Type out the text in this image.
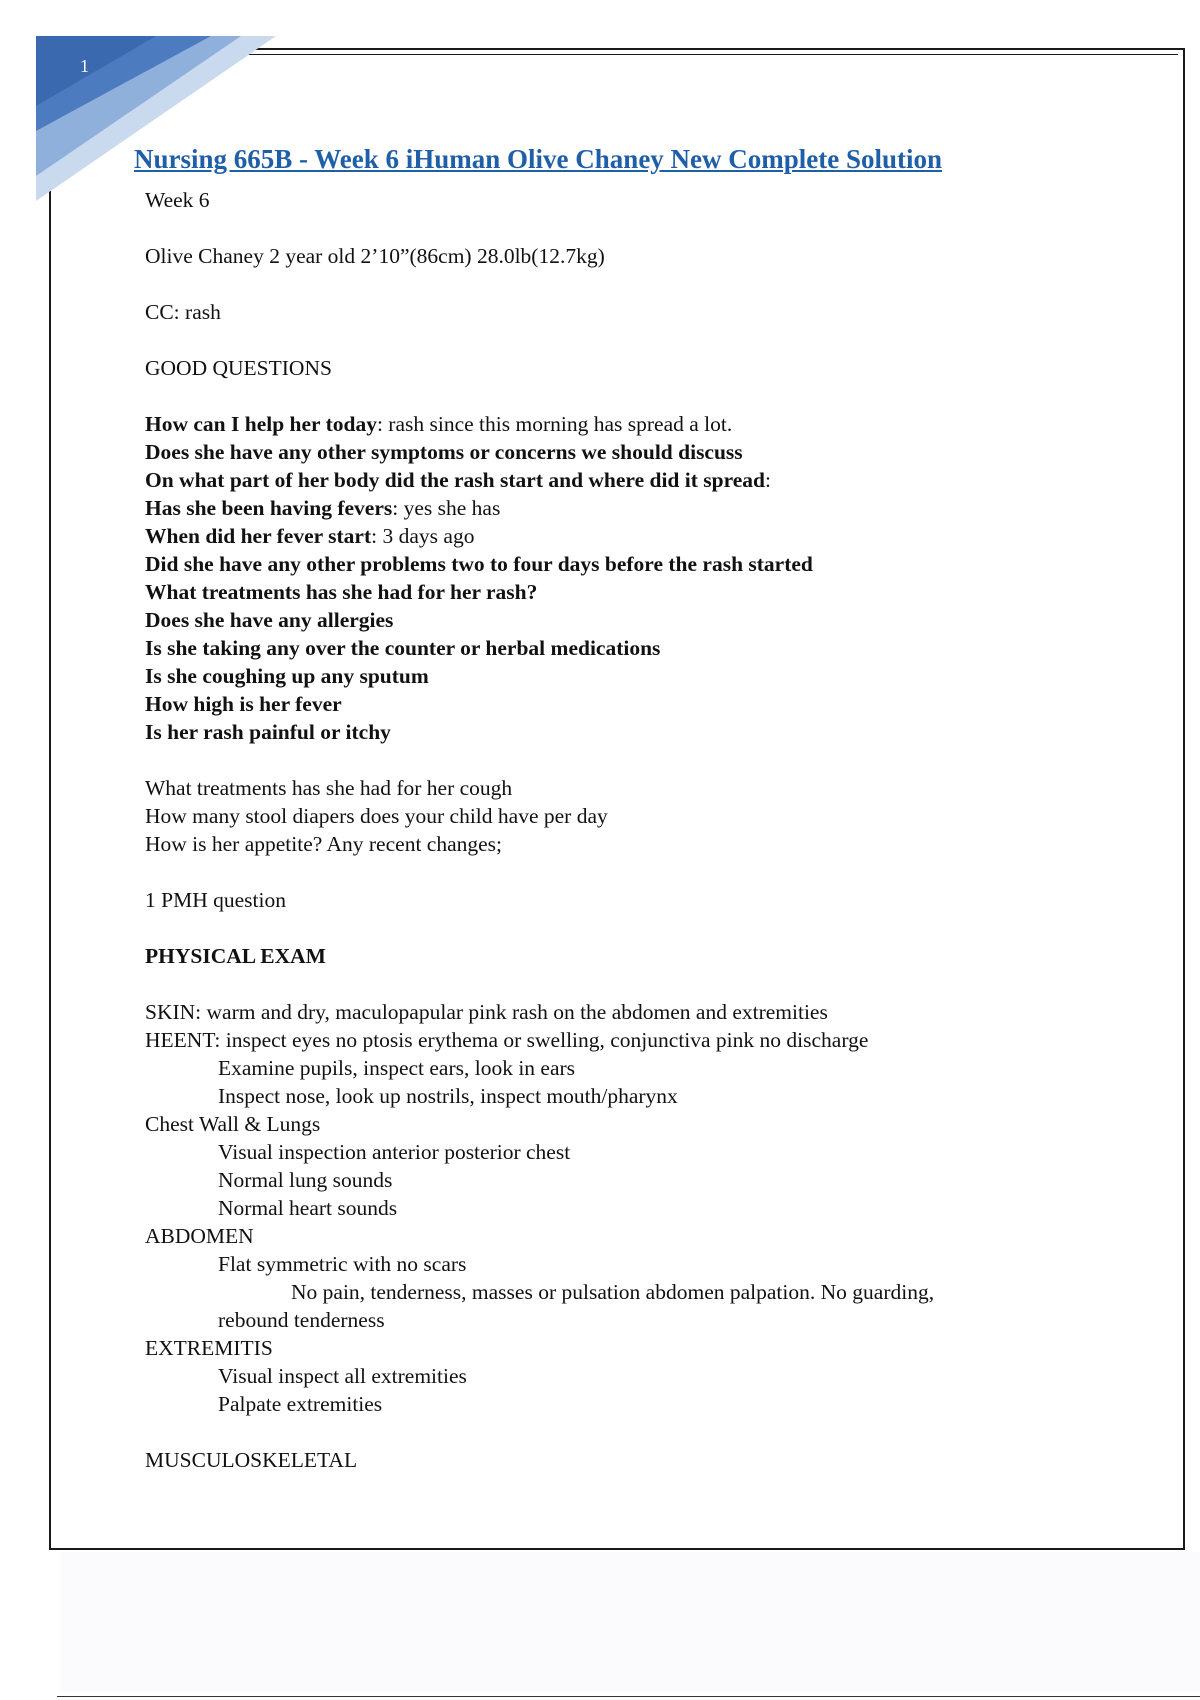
1
Nursing 665B - Week 6 iHuman Olive Chaney New Complete Solution
Week 6
Olive Chaney 2 year old 2’10”(86cm) 28.0lb(12.7kg)
CC: rash
GOOD QUESTIONS
How can I help her today: rash since this morning has spread a lot.
Does she have any other symptoms or concerns we should discuss
On what part of her body did the rash start and where did it spread:
Has she been having fevers: yes she has
When did her fever start: 3 days ago
Did she have any other problems two to four days before the rash started
What treatments has she had for her rash?
Does she have any allergies
Is she taking any over the counter or herbal medications
Is she coughing up any sputum
How high is her fever
Is her rash painful or itchy
What treatments has she had for her cough
How many stool diapers does your child have per day
How is her appetite? Any recent changes;
1 PMH question
PHYSICAL EXAM
SKIN: warm and dry, maculopapular pink rash on the abdomen and extremities
HEENT: inspect eyes no ptosis erythema or swelling, conjunctiva pink no discharge
Examine pupils, inspect ears, look in ears
Inspect nose, look up nostrils, inspect mouth/pharynx
Chest Wall & Lungs
Visual inspection anterior posterior chest
Normal lung sounds
Normal heart sounds
ABDOMEN
Flat symmetric with no scars
No pain, tenderness, masses or pulsation abdomen palpation. No guarding,
rebound tenderness
EXTREMITIS
Visual inspect all extremities
Palpate extremities
MUSCULOSKELETAL
